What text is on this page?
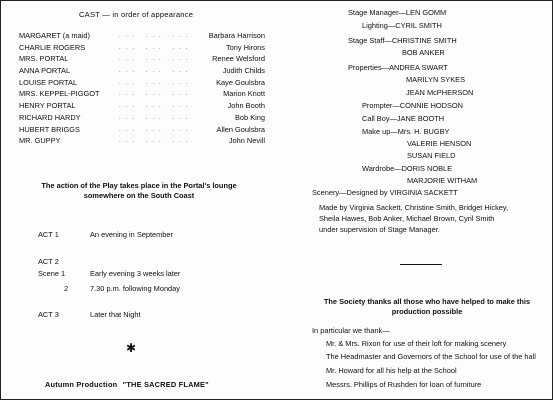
CAST — in order of appearance
MARGARET (a maid)	... ... ... Barbara Harrison
CHARLIE ROGERS	... ... ...	Tony Hirons
MRS. PORTAL	... ... ...	Renee Welsford
ANNA PORTAL	... ... ...	Judith Childs
LOUISE PORTAL	... ... ...	Kaye Goulsbra
MRS. KEPPEL-PIGGOT	... ... ...	Marion Knott
HENRY PORTAL	... ... ...	John Booth
RICHARD HARDY	... ... ...	Bob King
HUBERT BRIGGS	... ... ...	Allen Goulsbra
MR. GUPPY	... ... ...	John Nevill
The action of the Play takes place in the Portal's lounge
somewhere on the South Coast
ACT 1	An evening in September
ACT 2
Scene 1	Early evening 3 weeks later
2	7.30 p.m. following Monday
ACT 3	Later that Night
✱
Autumn Production "THE SACRED FLAME"
Stage Manager—LEN GOMM
Lighting—CYRIL SMITH
Stage Staff—CHRISTINE SMITH
BOB ANKER
Properties—ANDREA SWART
MARILYN SYKES
JEAN McPHERSON
Prompter—CONNIE HODSON
Call Boy—JANE BOOTH
Make up—Mrs. H. BUGBY
VALERIE HENSON
SUSAN FIELD
Wardrobe—DORIS NOBLE
MARJORIE WITHAM
Scenery—Designed by VIRGINIA SACKETT
Made by Virginia Sackett, Christine Smith, Bridget Hickey,
Sheila Hawes, Bob Anker, Michael Brown, Cyril Smith
under supervision of Stage Manager.
The Society thanks all those who have helped to make this
production possible
In particular we thank—
Mr. & Mrs. Rixon for use of their loft for making scenery
The Headmaster and Governors of the School for use of the hall
Mr. Howard for all his help at the School
Messrs. Phillips of Rushden for loan of furniture
